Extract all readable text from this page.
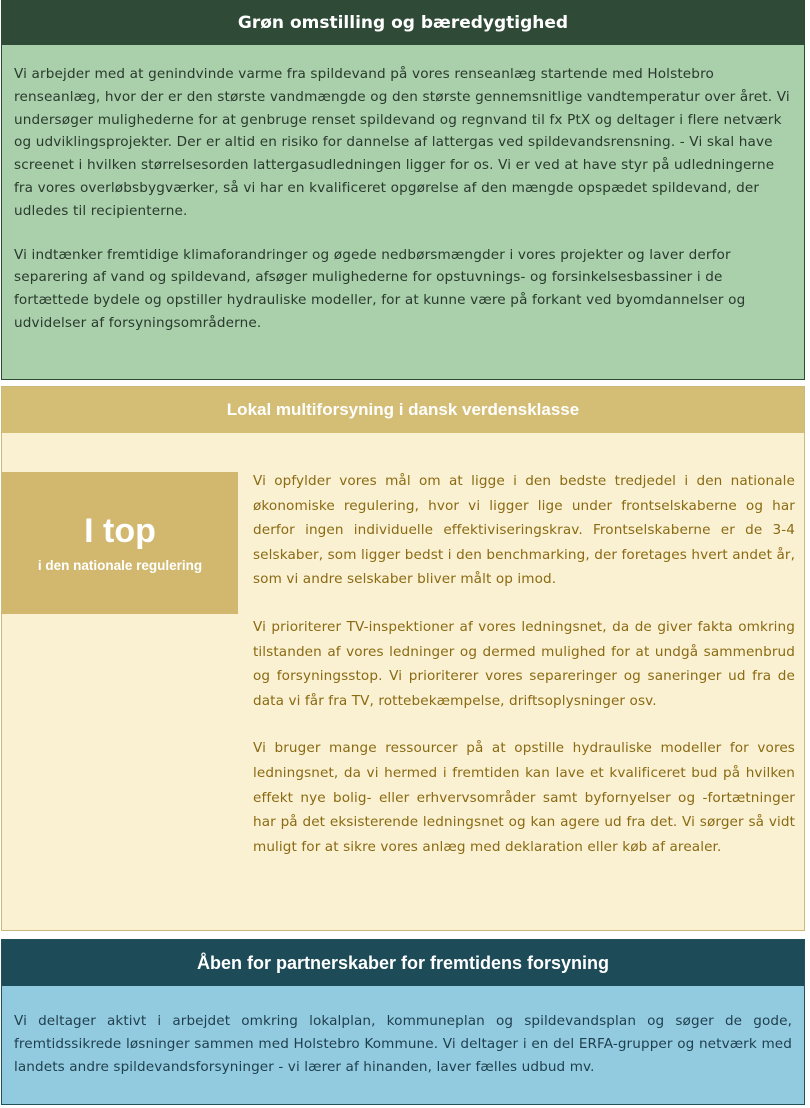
Grøn omstilling og bæredygtighed

Vi arbejder med at genindvinde varme fra spildevand på vores renseanlæg startende med Holstebro renseanlæg, hvor der er den største vandmængde og den største gennemsnitlige vandtemperatur over året. Vi undersøger mulighederne for at genbruge renset spildevand og regnvand til fx PtX og deltager i flere netværk og udviklingsprojekter. Der er altid en risiko for dannelse af lattergas ved spildevandsrensning. - Vi skal have screenet i hvilken størrelsesorden lattergasudledningen ligger for os. Vi er ved at have styr på udledningerne fra vores overløbsbygværker, så vi har en kvalificeret opgørelse af den mængde opspædet spildevand, der udledes til recipienterne.

Vi indtænker fremtidige klimaforandringer og øgede nedbørsmængder i vores projekter og laver derfor separering af vand og spildevand, afsøger mulighederne for opstuvnings- og forsinkelsesbassiner i de fortættede bydele og opstiller hydrauliske modeller, for at kunne være på forkant ved byomdannelser og udvidelser af forsyningsområderne.

Lokal multiforsyning i dansk verdensklasse
I top
i den nationale regulering

Vi opfylder vores mål om at ligge i den bedste tredjedel i den nationale økonomiske regulering, hvor vi ligger lige under frontselskaberne og har derfor ingen individuelle effektiviseringskrav. Frontselskaberne er de 3-4 selskaber, som ligger bedst i den benchmarking, der foretages hvert andet år, som vi andre selskaber bliver målt op imod.

Vi prioriterer TV-inspektioner af vores ledningsnet, da de giver fakta omkring tilstanden af vores ledninger og dermed mulighed for at undgå sammenbrud og forsyningsstop. Vi prioriterer vores separeringer og saneringer ud fra de data vi får fra TV, rottebekæmpelse, driftsoplysninger osv.

Vi bruger mange ressourcer på at opstille hydrauliske modeller for vores ledningsnet, da vi hermed i fremtiden kan lave et kvalificeret bud på hvilken effekt nye bolig- eller erhvervsområder samt byfornyelser og -fortætninger har på det eksisterende ledningsnet og kan agere ud fra det. Vi sørger så vidt muligt for at sikre vores anlæg med deklaration eller køb af arealer.

Åben for partnerskaber for fremtidens forsyning

Vi deltager aktivt i arbejdet omkring lokalplan, kommuneplan og spildevandsplan og søger de gode, fremtidssikrede løsninger sammen med Holstebro Kommune. Vi deltager i en del ERFA-grupper og netværk med landets andre spildevandsforsyninger - vi lærer af hinanden, laver fælles udbud mv.
